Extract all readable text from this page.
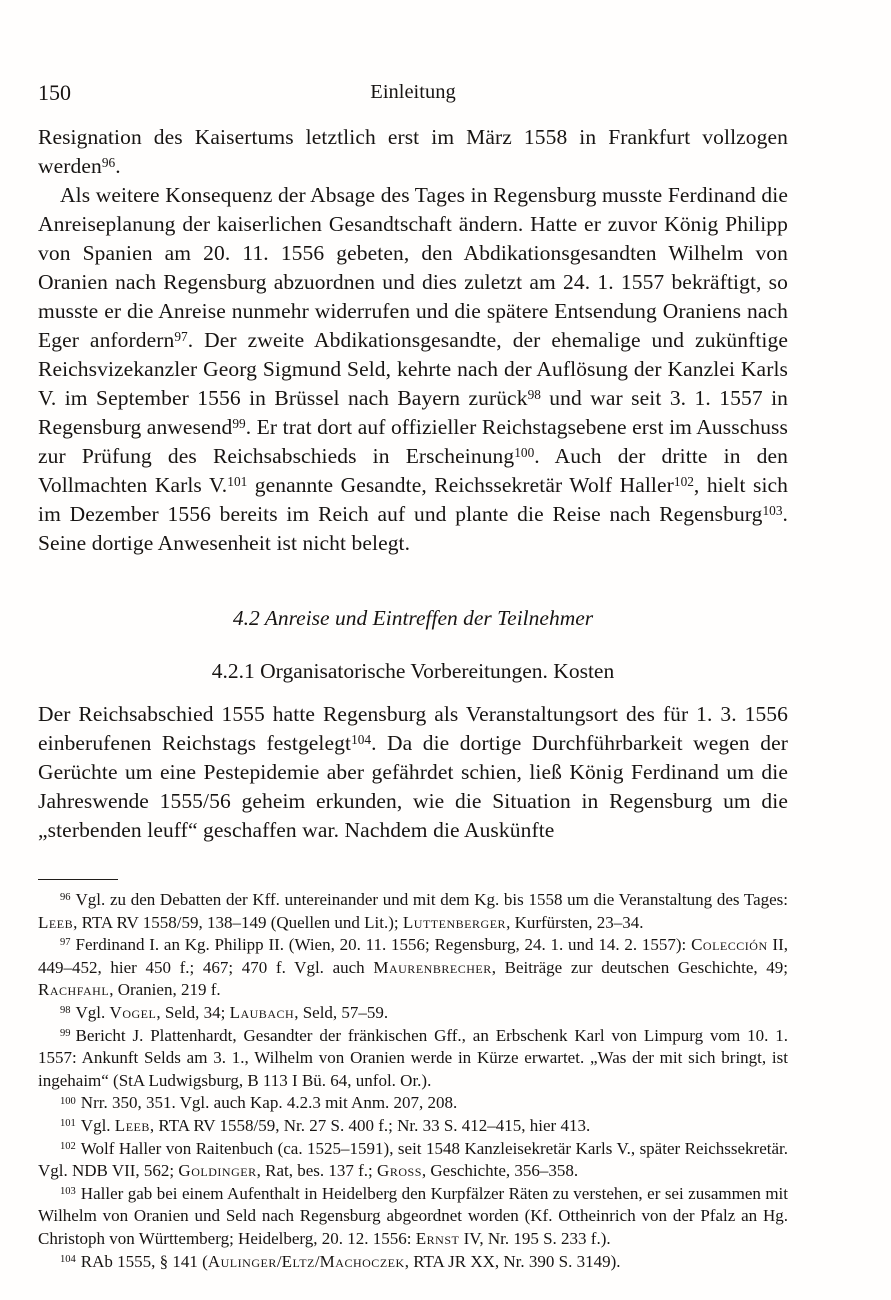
150	Einleitung

Resignation des Kaisertums letztlich erst im März 1558 in Frankfurt vollzogen werden$^{96}$.

Als weitere Konsequenz der Absage des Tages in Regensburg musste Ferdinand die Anreiseplanung der kaiserlichen Gesandtschaft ändern. Hatte er zuvor König Philipp von Spanien am 20. 11. 1556 gebeten, den Abdikationsgesandten Wilhelm von Oranien nach Regensburg abzuordnen und dies zuletzt am 24. 1. 1557 bekräftigt, so musste er die Anreise nunmehr widerrufen und die spätere Entsendung Oraniens nach Eger anfordern$^{97}$. Der zweite Abdikationsgesandte, der ehemalige und zukünftige Reichsvizekanzler Georg Sigmund Seld, kehrte nach der Auflösung der Kanzlei Karls V. im September 1556 in Brüssel nach Bayern zurück$^{98}$ und war seit 3. 1. 1557 in Regensburg anwesend$^{99}$. Er trat dort auf offizieller Reichstagsebene erst im Ausschuss zur Prüfung des Reichsabschieds in Erscheinung$^{100}$. Auch der dritte in den Vollmachten Karls V.$^{101}$ genannte Gesandte, Reichssekretär Wolf Haller$^{102}$, hielt sich im Dezember 1556 bereits im Reich auf und plante die Reise nach Regensburg$^{103}$. Seine dortige Anwesenheit ist nicht belegt.

4.2 Anreise und Eintreffen der Teilnehmer
4.2.1 Organisatorische Vorbereitungen. Kosten

Der Reichsabschied 1555 hatte Regensburg als Veranstaltungsort des für 1. 3. 1556 einberufenen Reichstags festgelegt$^{104}$. Da die dortige Durchführbarkeit wegen der Gerüchte um eine Pestepidemie aber gefährdet schien, ließ König Ferdinand um die Jahreswende 1555/56 geheim erkunden, wie die Situation in Regensburg um die „sterbenden leuff“ geschaffen war. Nachdem die Auskünfte

$^{96}$ Vgl. zu den Debatten der Kff. untereinander und mit dem Kg. bis 1558 um die Veranstaltung des Tages: Leeb, RTA RV 1558/59, 138–149 (Quellen und Lit.); Luttenberger, Kurfürsten, 23–34.

$^{97}$ Ferdinand I. an Kg. Philipp II. (Wien, 20. 11. 1556; Regensburg, 24. 1. und 14. 2. 1557): Colección II, 449–452, hier 450 f.; 467; 470 f. Vgl. auch Maurenbrecher, Beiträge zur deutschen Geschichte, 49; Rachfahl, Oranien, 219 f.

$^{98}$ Vgl. Vogel, Seld, 34; Laubach, Seld, 57–59.

$^{99}$ Bericht J. Plattenhardt, Gesandter der fränkischen Gff., an Erbschenk Karl von Limpurg vom 10. 1. 1557: Ankunft Selds am 3. 1., Wilhelm von Oranien werde in Kürze erwartet. „Was der mit sich bringt, ist ingehaim“ (StA Ludwigsburg, B 113 I Bü. 64, unfol. Or.).

$^{100}$ Nrr. 350, 351. Vgl. auch Kap. 4.2.3 mit Anm. 207, 208.

$^{101}$ Vgl. Leeb, RTA RV 1558/59, Nr. 27 S. 400 f.; Nr. 33 S. 412–415, hier 413.

$^{102}$ Wolf Haller von Raitenbuch (ca. 1525–1591), seit 1548 Kanzleisekretär Karls V., später Reichssekretär. Vgl. NDB VII, 562; Goldinger, Rat, bes. 137 f.; Gross, Geschichte, 356–358.

$^{103}$ Haller gab bei einem Aufenthalt in Heidelberg den Kurpfälzer Räten zu verstehen, er sei zusammen mit Wilhelm von Oranien und Seld nach Regensburg abgeordnet worden (Kf. Ottheinrich von der Pfalz an Hg. Christoph von Württemberg; Heidelberg, 20. 12. 1556: Ernst IV, Nr. 195 S. 233 f.).

$^{104}$ RAb 1555, § 141 (Aulinger/Eltz/Machoczek, RTA JR XX, Nr. 390 S. 3149).
